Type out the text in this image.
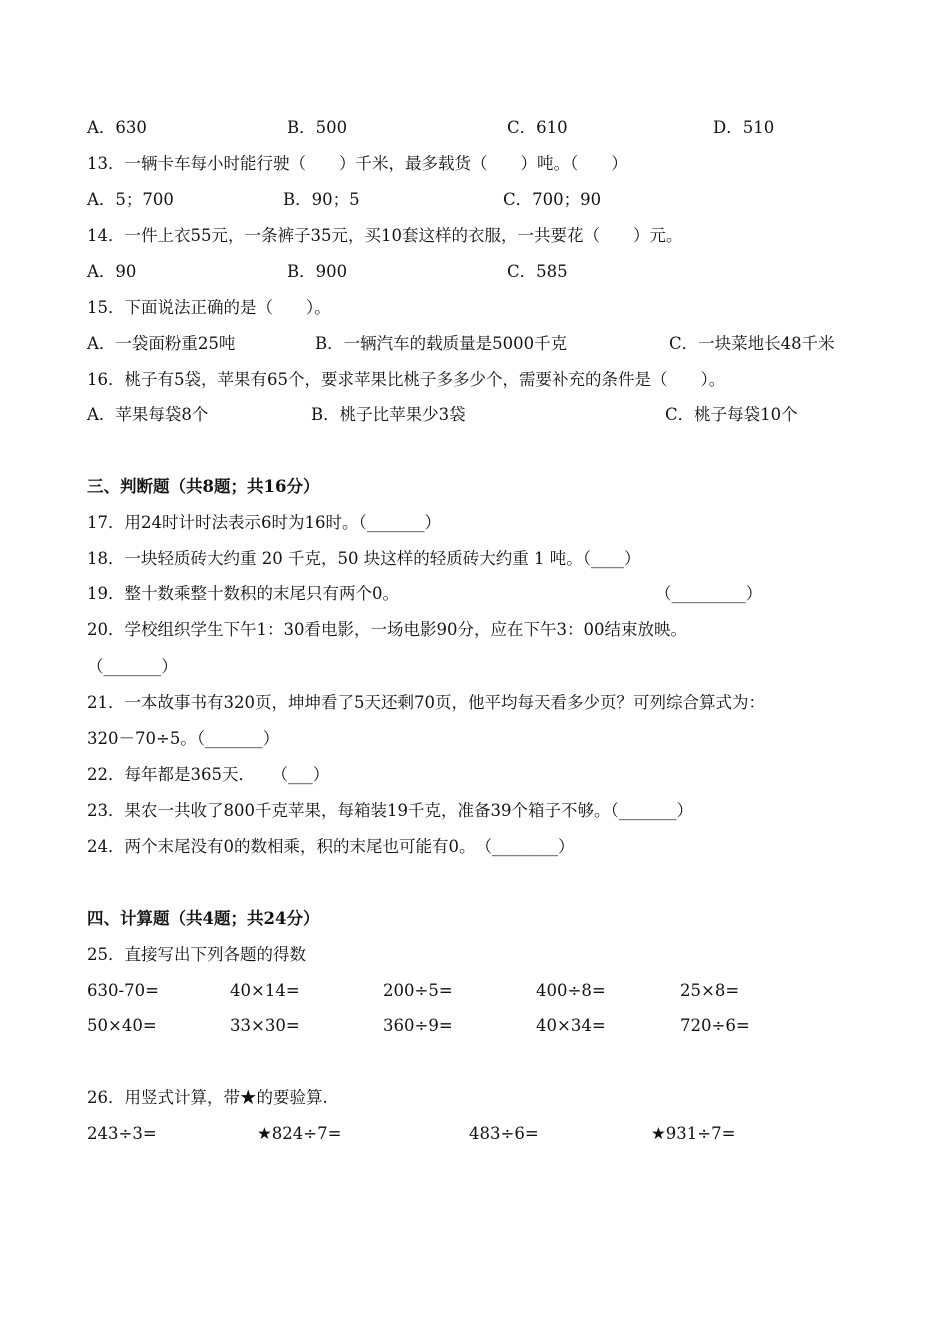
A．630	B．500	C．610	D．510
13．一辆卡车每小时能行驶（　　）千米，最多载货（　　）吨。（　　）
A．5；700	B．90；5	C．700；90
14．一件上衣55元，一条裤子35元，买10套这样的衣服，一共要花（　　）元。
A．90	B．900	C．585
15．下面说法正确的是（　　）。
A．一袋面粉重25吨	B．一辆汽车的载质量是5000千克	C．一块菜地长48千米
16．桃子有5袋，苹果有65个，要求苹果比桃子多多少个，需要补充的条件是（　　）。
A．苹果每袋8个	B．桃子比苹果少3袋	C．桃子每袋10个
三、判断题（共8题；共16分）
17．用24时计时法表示6时为16时。（_______）
18．一块轻质砖大约重 20 千克，50 块这样的轻质砖大约重 1 吨。（____）
19．整十数乘整十数积的末尾只有两个0。	（_________）
20．学校组织学生下午1：30看电影，一场电影90分，应在下午3：00结束放映。
（_______）
21．一本故事书有320页，坤坤看了5天还剩70页，他平均每天看多少页？可列综合算式为：
320－70÷5。（_______）
22．每年都是365天．　　（___）
23．果农一共收了800千克苹果，每箱装19千克，准备39个箱子不够。（_______）
24．两个末尾没有0的数相乘，积的末尾也可能有0。　（________）
四、计算题（共4题；共24分）
25．直接写出下列各题的得数
630-70=	40×14=	200÷5=	400÷8=	25×8=
50×40=	33×30=	360÷9=	40×34=	720÷6=
26．用竖式计算，带★的要验算.
243÷3=	★824÷7=	483÷6=	★931÷7=
